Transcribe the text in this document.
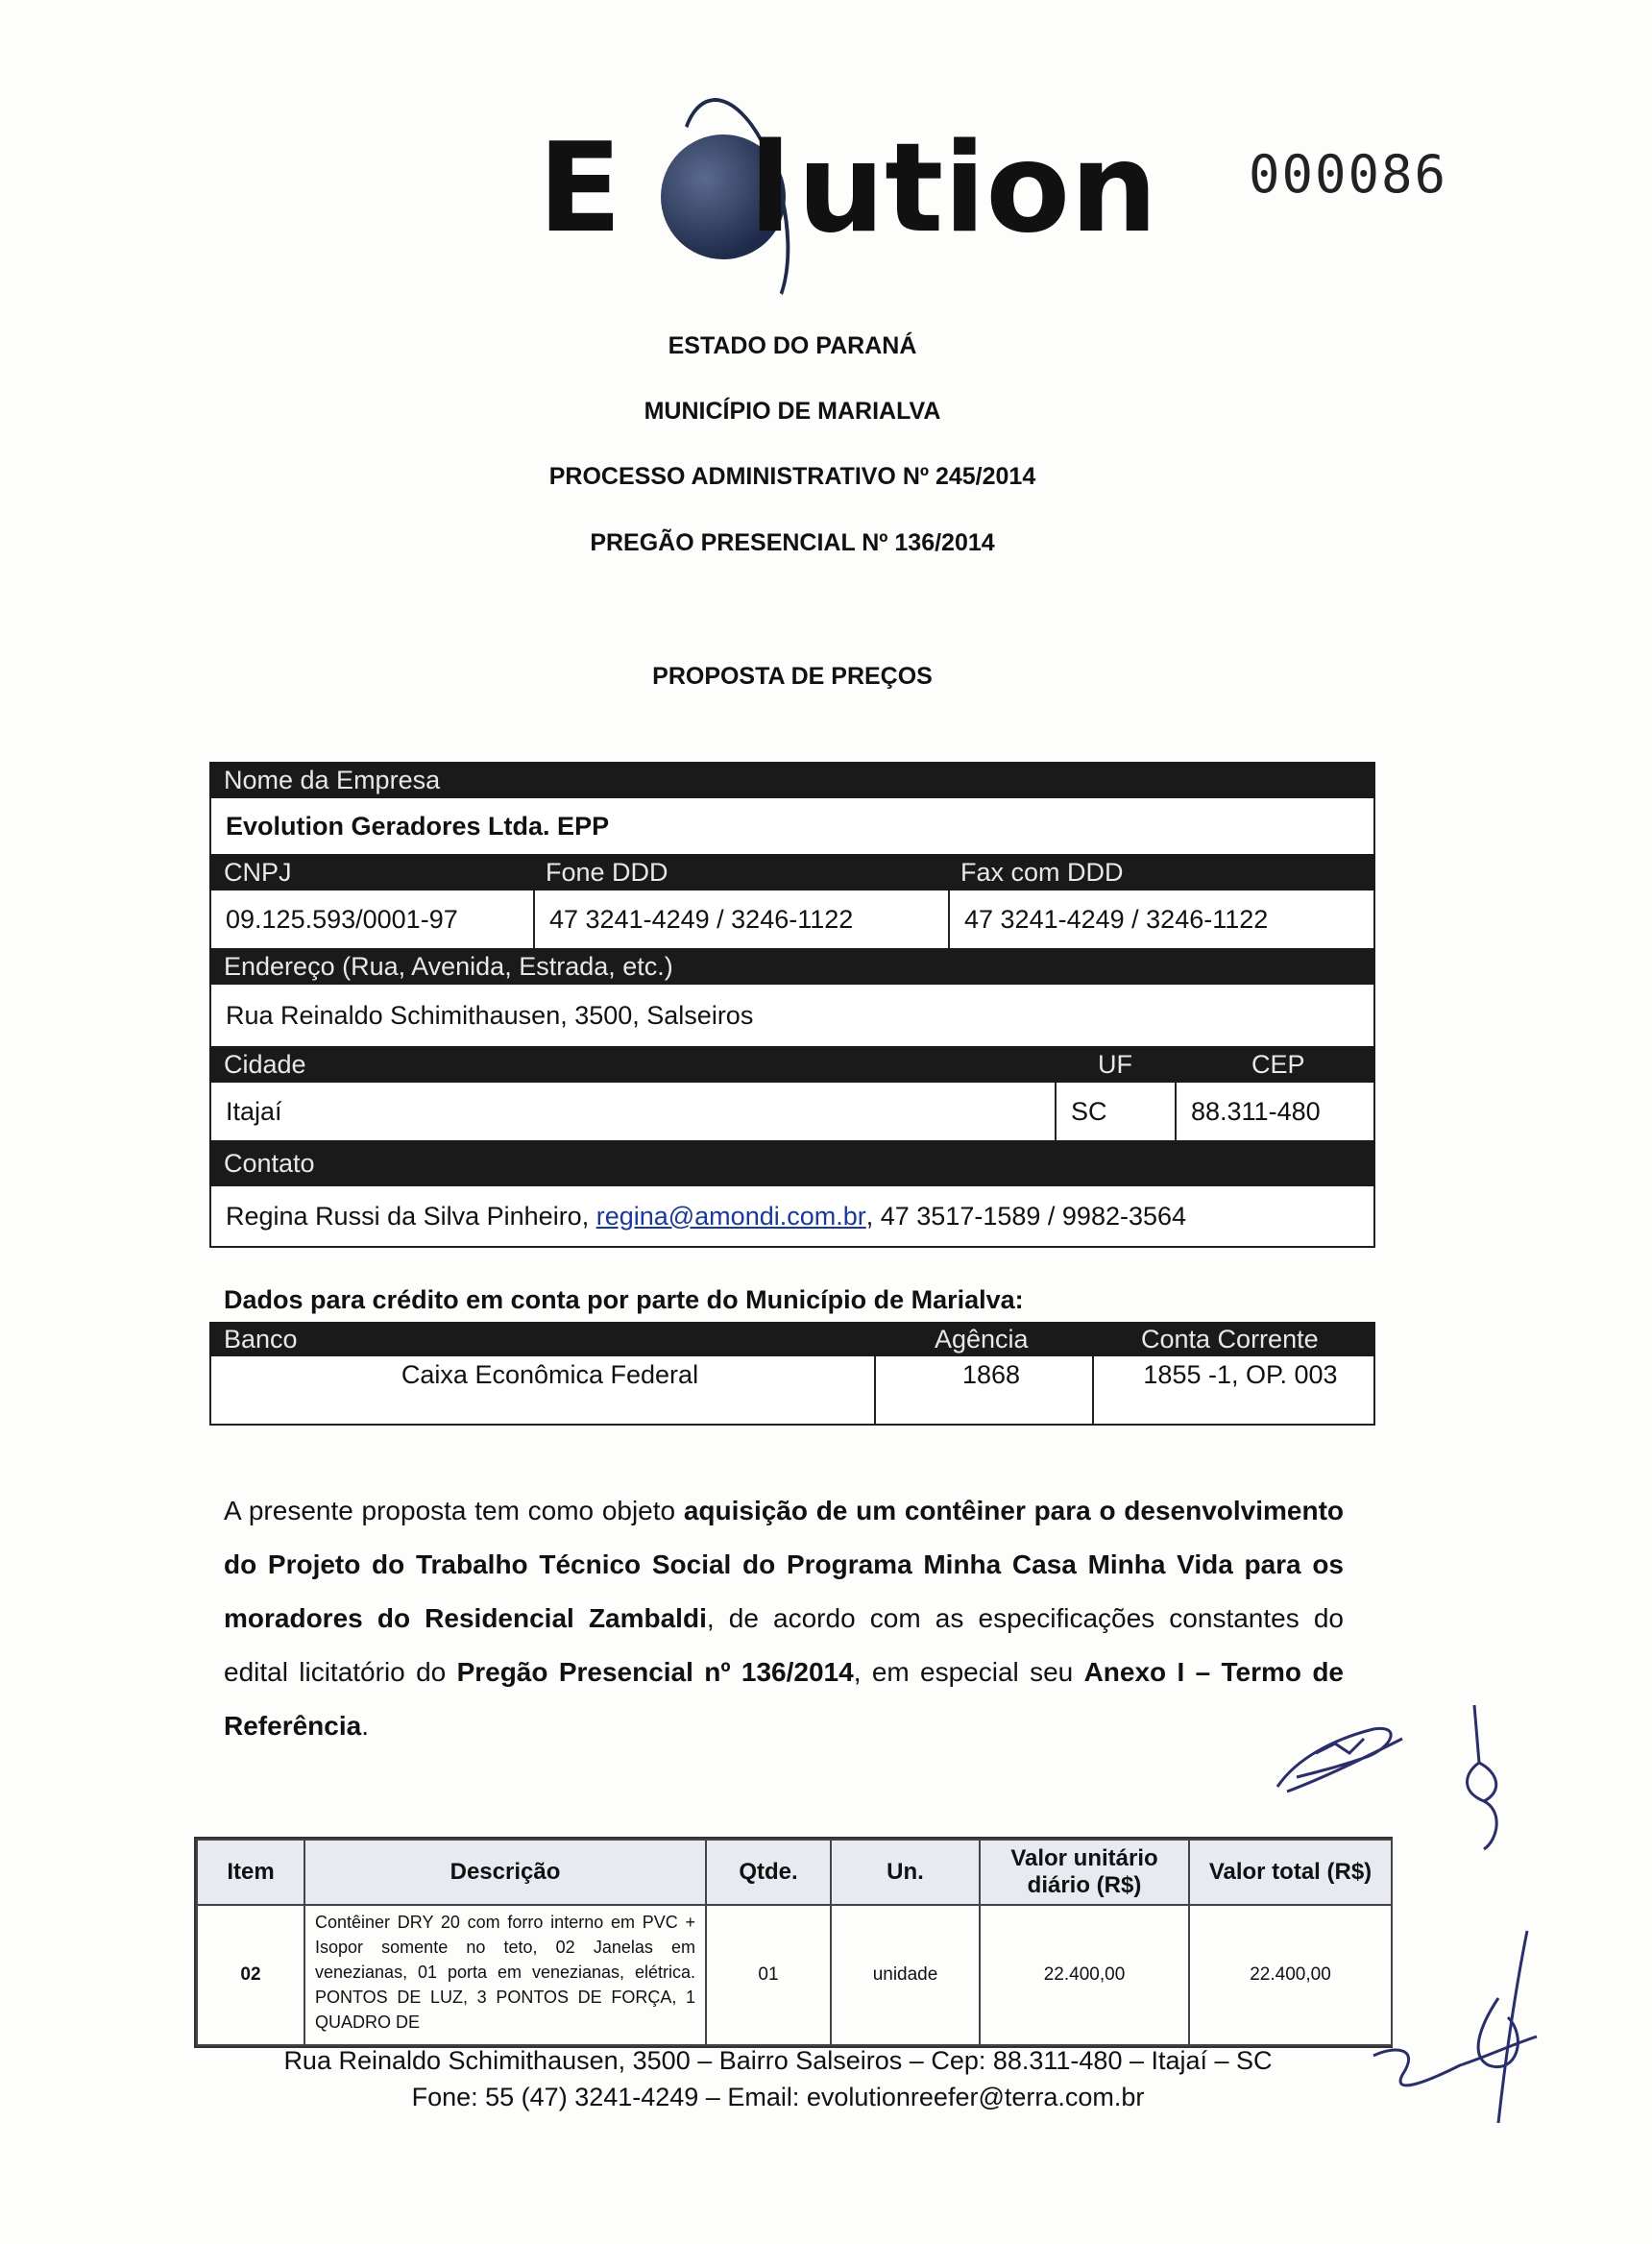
E ution
l	000086
ESTADO DO PARANÁ
MUNICÍPIO DE MARIALVA
PROCESSO ADMINISTRATIVO Nº 245/2014
PREGÃO PRESENCIAL Nº 136/2014
PROPOSTA DE PREÇOS
Nome da Empresa
Evolution Geradores Ltda. EPP
CNPJ	Fone DDD	Fax com DDD
09.125.593/0001-97	47 3241-4249 / 3246-1122	47 3241-4249 / 3246-1122
Endereço (Rua, Avenida, Estrada, etc.)
Rua Reinaldo Schimithausen, 3500, Salseiros
Cidade	UF	CEP
Itajaí	SC	88.311-480
Contato
Regina Russi da Silva Pinheiro, regina@amondi.com.br , 47 3517-1589 / 9982-3564
Dados para crédito em conta por parte do Município de Marialva:
Banco	Agência	Conta Corrente
Caixa Econômica Federal	1868	1855 -1, OP. 003
A presente proposta tem como objeto aquisição de um contêiner para o desenvolvimento do Projeto do Trabalho Técnico Social do Programa Minha Casa Minha Vida para os moradores do Residencial Zambaldi, de acordo com as especificações constantes do edital licitatório do Pregão Presencial nº 136/2014, em especial seu Anexo I – Termo de Referência.
Item	Descrição	Qtde.	Un.	Valor unitário diário (R$)	Valor total (R$)
02	Contêiner DRY 20 com forro interno em PVC + Isopor somente no teto, 02 Janelas em venezianas, 01 porta em venezianas, elétrica. PONTOS DE LUZ, 3 PONTOS DE FORÇA, 1 QUADRO DE	01	unidade	22.400,00	22.400,00
Rua Reinaldo Schimithausen, 3500 – Bairro Salseiros – Cep: 88.311-480 – Itajaí – SC
Fone: 55 (47) 3241-4249 – Email: evolutionreefer@terra.com.br
